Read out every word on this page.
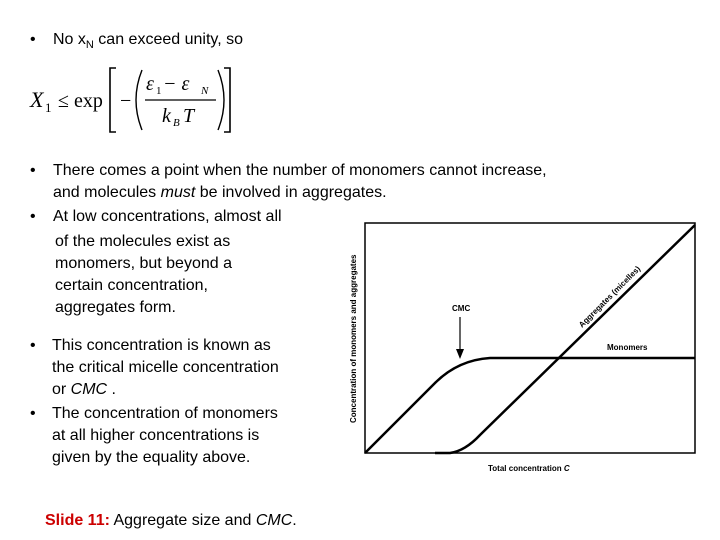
• No $x_N$ can exceed unity, so
X 1 ≤ exp −
ε 1 − ε N
k B T
• There comes a point when the number of monomers cannot increase,
and molecules must be involved in aggregates.
• At low concentrations, almost all
of the molecules exist as
monomers, but beyond a
certain concentration,
aggregates form.
• This concentration is known as
the critical micelle concentration
or CMC .
• The concentration of monomers
at all higher concentrations is
given by the equality above.
Concentration of monomers and aggregates
Total concentration C
CMC	Aggregates (micelles)
Monomers
Slide 11: Aggregate size and CMC.
